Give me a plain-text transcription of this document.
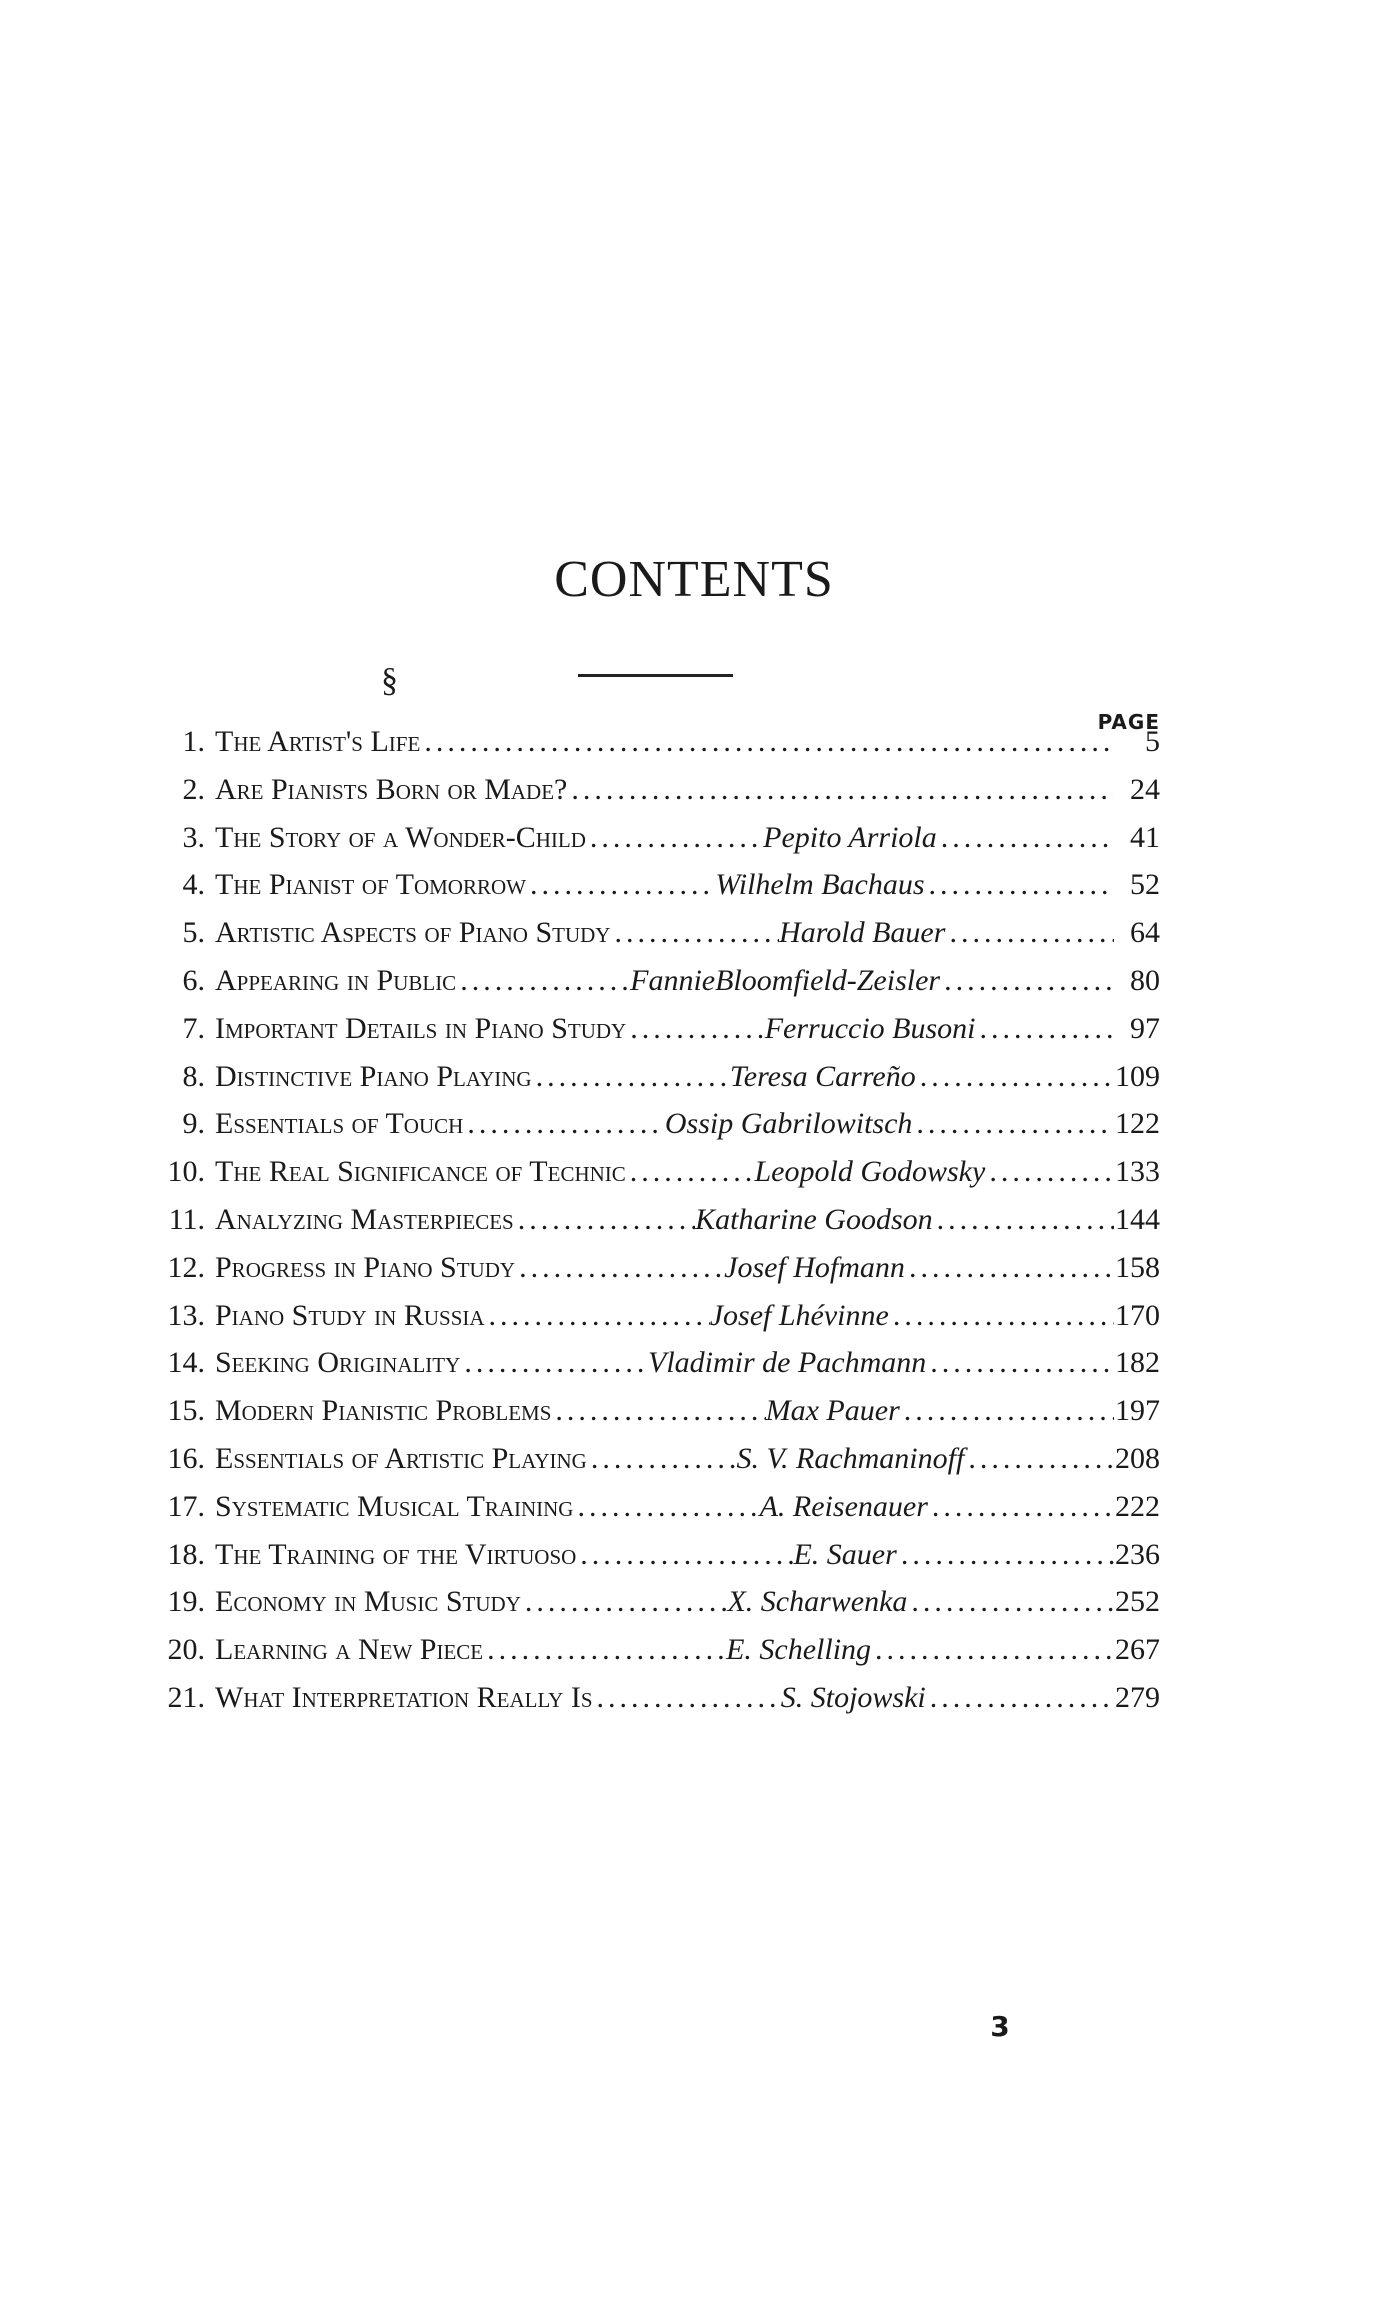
CONTENTS
§
PAGE
1. The Artist's Life .....	5
2. Are Pianists Born or Made? .....	24
3. The Story of a Wonder-Child .....	Pepito Arriola .....	41
4. The Pianist of Tomorrow .....	Wilhelm Bachaus .....	52
5. Artistic Aspects of Piano Study .....	Harold Bauer .....	64
6. Appearing in Public .....	FannieBloomfield-Zeisler .....	80
7. Important Details in Piano Study .....	Ferruccio Busoni .....	97
8. Distinctive Piano Playing .....	Teresa Carreño .....	109
9. Essentials of Touch .....	Ossip Gabrilowitsch .....	122
10. The Real Significance of Technic .....	Leopold Godowsky .....	133
11. Analyzing Masterpieces .....	Katharine Goodson .....	144
12. Progress in Piano Study .....	Josef Hofmann .....	158
13. Piano Study in Russia .....	Josef Lhévinne .....	170
14. Seeking Originality .....	Vladimir de Pachmann .....	182
15. Modern Pianistic Problems .....	Max Pauer .....	197
16. Essentials of Artistic Playing .....	S. V. Rachmaninoff .....	208
17. Systematic Musical Training .....	A. Reisenauer .....	222
18. The Training of the Virtuoso .....	E. Sauer .....	236
19. Economy in Music Study .....	X. Scharwenka .....	252
20. Learning a New Piece .....	E. Schelling .....	267
21. What Interpretation Really Is .....	S. Stojowski .....	279
3
